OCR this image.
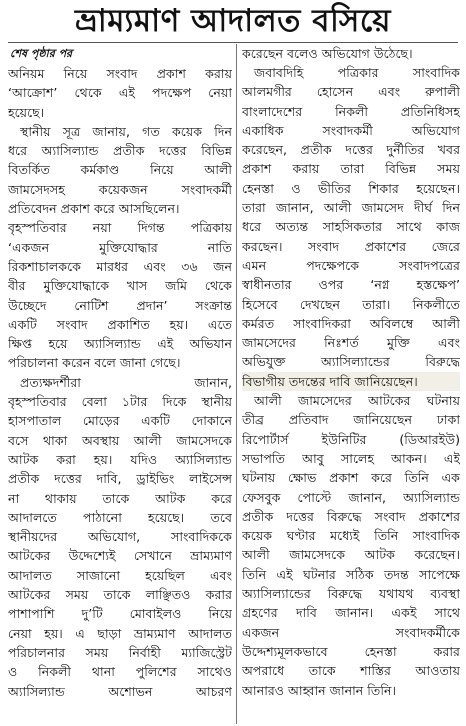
ভ্রাম্যমাণ আদালত বসিয়ে
শেষ পৃষ্ঠার পর
অনিয়ম নিয়ে সংবাদ প্রকাশ করায়
‘আক্রোশ’ থেকে এই পদক্ষেপ নেয়া
হয়েছে।
স্থানীয় সূত্র জানায়, গত কয়েক দিন
ধরে অ্যাসিল্যান্ড প্রতীক দত্তের বিভিন্ন
বিতর্কিত কর্মকাণ্ড নিয়ে আলী
জামসেদসহ কয়েকজন সংবাদকর্মী
প্রতিবেদন প্রকাশ করে আসছিলেন।
বৃহস্পতিবার নয়া দিগন্ত পত্রিকায়
‘একজন মুক্তিযোদ্ধার নাতি
রিকশাচালককে মারধর এবং ৩৬ জন
বীর মুক্তিযোদ্ধাকে খাস জমি থেকে
উচ্ছেদে নোটিশ প্রদান’ সংক্রান্ত
একটি সংবাদ প্রকাশিত হয়। এতে
ক্ষিপ্ত হয়ে অ্যাসিল্যান্ড এই অভিযান
পরিচালনা করেন বলে জানা গেছে।
প্রত্যক্ষদর্শীরা জানান,
বৃহস্পতিবার বেলা ১টার দিকে স্থানীয়
হাসপাতাল মোড়ের একটি দোকানে
বসে থাকা অবস্থায় আলী জামসেদকে
আটক করা হয়। যদিও অ্যাসিল্যান্ড
প্রতীক দত্তের দাবি, ড্রাইভিং লাইসেন্স
না থাকায় তাকে আটক করে
আদালতে পাঠানো হয়েছে। তবে
স্থানীয়দের অভিযোগ, সাংবাদিককে
আটকের উদ্দেশ্যেই সেখানে ভ্রাম্যমাণ
আদালত সাজানো হয়েছিল এবং
আটকের সময় তাকে লাঞ্ছিতও করার
পাশাপাশি দু’টি মোবাইলও নিয়ে
নেয়া হয়। এ ছাড়া ভ্রাম্যমাণ আদালত
পরিচালনার সময় নির্বাহী ম্যাজিস্ট্রেট
ও নিকলী থানা পুলিশের সাথেও
অ্যাসিল্যান্ড অশোভন আচরণ
করেছেন বলেও অভিযোগ উঠেছে।
জবাবদিহি পত্রিকার সাংবাদিক
আলমগীর হোসেন এবং রুপালী
বাংলাদেশের নিকলী প্রতিনিধিসহ
একাধিক সংবাদকর্মী অভিযোগ
করেছেন, প্রতীক দত্তের দুর্নীতির খবর
প্রকাশ করায় তারা বিভিন্ন সময়
হেনস্তা ও ভীতির শিকার হয়েছেন।
তারা জানান, আলী জামসেদ দীর্ঘ দিন
ধরে অত্যন্ত সাহসিকতার সাথে কাজ
করছেন। সংবাদ প্রকাশের জেরে
এমন পদক্ষেপকে সংবাদপত্রের
স্বাধীনতার ওপর ‘নগ্ন হস্তক্ষেপ’
হিসেবে দেখছেন তারা। নিকলীতে
কর্মরত সাংবাদিকরা অবিলম্বে আলী
জামসেদের নিঃশর্ত মুক্তি এবং
অভিযুক্ত অ্যাসিল্যান্ডের বিরুদ্ধে
বিভাগীয় তদন্তের দাবি জানিয়েছেন।
আলী জামসেদের আটকের ঘটনায়
তীব্র প্রতিবাদ জানিয়েছেন ঢাকা
রিপোর্টার্স ইউনিটির (ডিআরইউ)
সভাপতি আবু সালেহ আকন। এই
ঘটনায় ক্ষোভ প্রকাশ করে তিনি এক
ফেসবুক পোস্টে জানান, অ্যাসিল্যান্ড
প্রতীক দত্তের বিরুদ্ধে সংবাদ প্রকাশের
কয়েক ঘণ্টার মধ্যেই তিনি সাংবাদিক
আলী জামসেদকে আটক করেছেন।
তিনি এই ঘটনার সঠিক তদন্ত সাপেক্ষে
অ্যাসিল্যান্ডের বিরুদ্ধে যথাযথ ব্যবস্থা
গ্রহণের দাবি জানান। একই সাথে
একজন সংবাদকর্মীকে
উদ্দেশ্যমূলকভাবে হেনস্তা করার
অপরাধে তাকে শাস্তির আওতায়
আনারও আহ্বান জানান তিনি।
